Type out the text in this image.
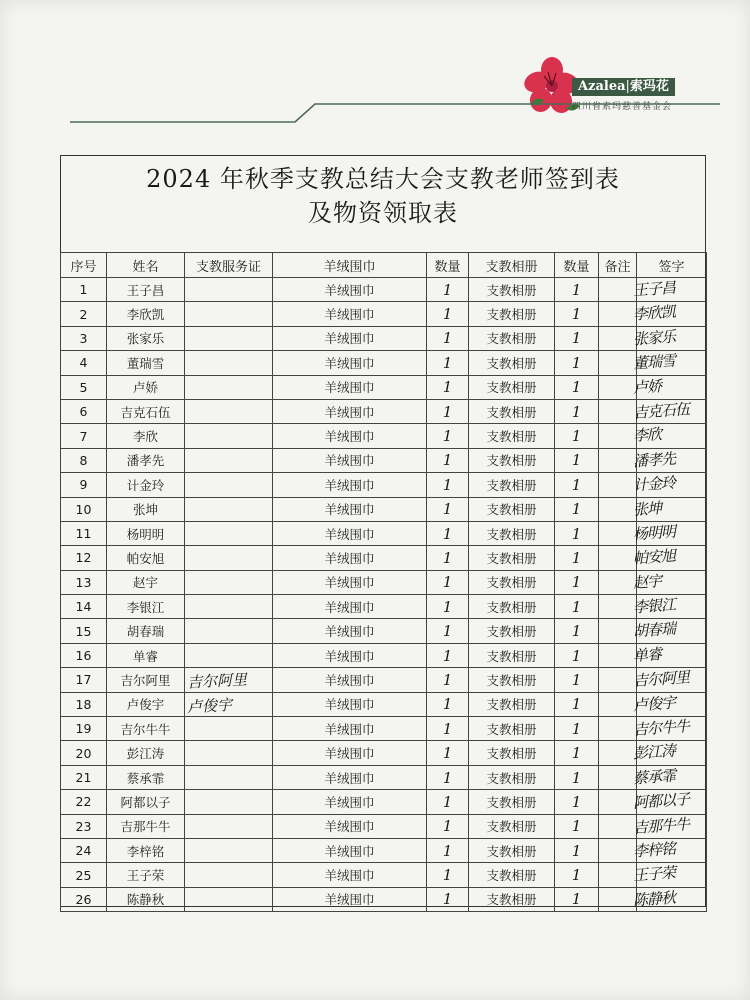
Azalea|索玛花
四川省索玛慈善基金会
2024 年秋季支教总结大会支教老师签到表
及物资领取表
序号	姓名	支教服务证	羊绒围巾	数量	支教相册	数量	备注	签字
1	王子昌		羊绒围巾	1	支教相册	1		王子昌

2	李欣凯		羊绒围巾	1	支教相册	1		李欣凯

3	张家乐		羊绒围巾	1	支教相册	1		张家乐

4	董瑞雪		羊绒围巾	1	支教相册	1		董瑞雪

5	卢娇		羊绒围巾	1	支教相册	1		卢娇

6	吉克石伍		羊绒围巾	1	支教相册	1		吉克石伍

7	李欣		羊绒围巾	1	支教相册	1		李欣

8	潘孝先		羊绒围巾	1	支教相册	1		潘孝先

9	计金玲		羊绒围巾	1	支教相册	1		计金玲

10	张坤		羊绒围巾	1	支教相册	1		张坤

11	杨明明		羊绒围巾	1	支教相册	1		杨明明

12	帕安旭		羊绒围巾	1	支教相册	1		帕安旭

13	赵宇		羊绒围巾	1	支教相册	1		赵宇

14	李银江		羊绒围巾	1	支教相册	1		李银江

15	胡春瑞		羊绒围巾	1	支教相册	1		胡春瑞

16	单睿		羊绒围巾	1	支教相册	1		单睿

17	吉尔阿里	吉尔阿里	羊绒围巾	1	支教相册	1		吉尔阿里

18	卢俊宇	卢俊宇	羊绒围巾	1	支教相册	1		卢俊宇

19	吉尔牛牛		羊绒围巾	1	支教相册	1		吉尔牛牛

20	彭江涛		羊绒围巾	1	支教相册	1		彭江涛

21	蔡承霏		羊绒围巾	1	支教相册	1		蔡承霏

22	阿都以子		羊绒围巾	1	支教相册	1		阿都以子

23	吉那牛牛		羊绒围巾	1	支教相册	1		吉那牛牛

24	李梓铭		羊绒围巾	1	支教相册	1		李梓铭

25	王子荣		羊绒围巾	1	支教相册	1		王子荣

26	陈静秋		羊绒围巾	1	支教相册	1		陈静秋
